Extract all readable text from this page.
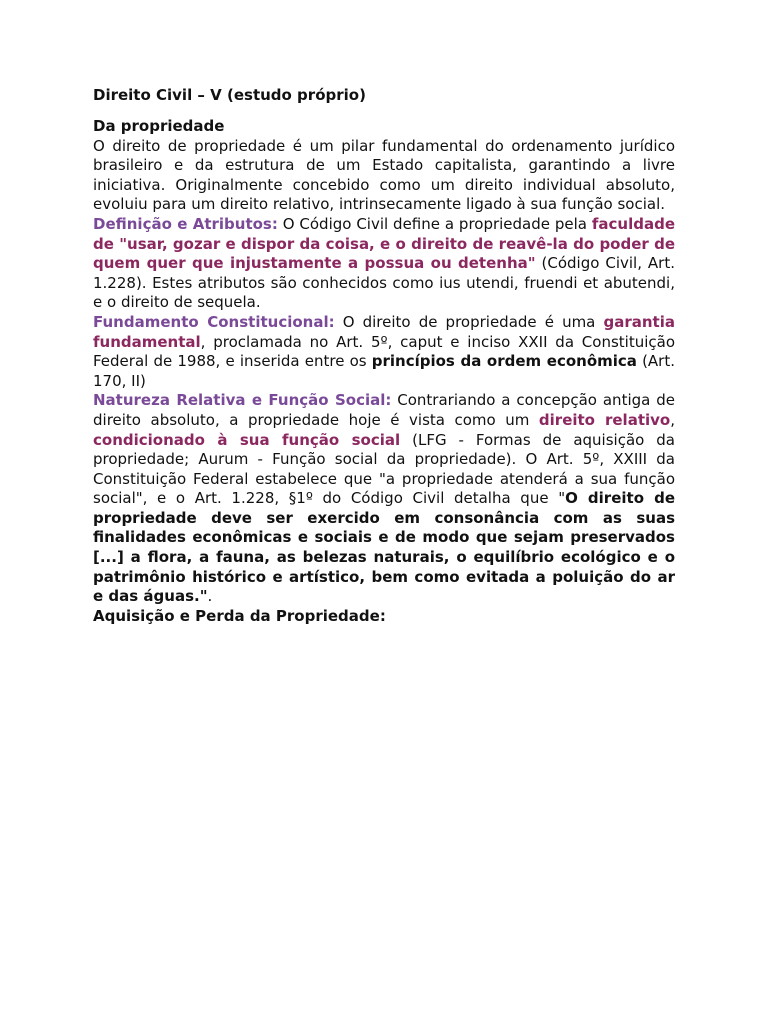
Direito Civil – V (estudo próprio)

Da propriedade

O direito de propriedade é um pilar fundamental do ordenamento jurídico brasileiro e da estrutura de um Estado capitalista, garantindo a livre iniciativa. Originalmente concebido como um direito individual absoluto, evoluiu para um direito relativo, intrinsecamente ligado à sua função social.

Definição e Atributos: O Código Civil define a propriedade pela faculdade de "usar, gozar e dispor da coisa, e o direito de reavê-la do poder de quem quer que injustamente a possua ou detenha" (Código Civil, Art. 1.228). Estes atributos são conhecidos como ius utendi, fruendi et abutendi, e o direito de sequela.

Fundamento Constitucional: O direito de propriedade é uma garantia fundamental, proclamada no Art. 5º, caput e inciso XXII da Constituição Federal de 1988, e inserida entre os princípios da ordem econômica (Art. 170, II)

Natureza Relativa e Função Social: Contrariando a concepção antiga de direito absoluto, a propriedade hoje é vista como um direito relativo, condicionado à sua função social (LFG - Formas de aquisição da propriedade; Aurum - Função social da propriedade). O Art. 5º, XXIII da Constituição Federal estabelece que "a propriedade atenderá a sua função social", e o Art. 1.228, §1º do Código Civil detalha que "O direito de propriedade deve ser exercido em consonância com as suas finalidades econômicas e sociais e de modo que sejam preservados [...] a flora, a fauna, as belezas naturais, o equilíbrio ecológico e o patrimônio histórico e artístico, bem como evitada a poluição do ar e das águas.".

Aquisição e Perda da Propriedade:
